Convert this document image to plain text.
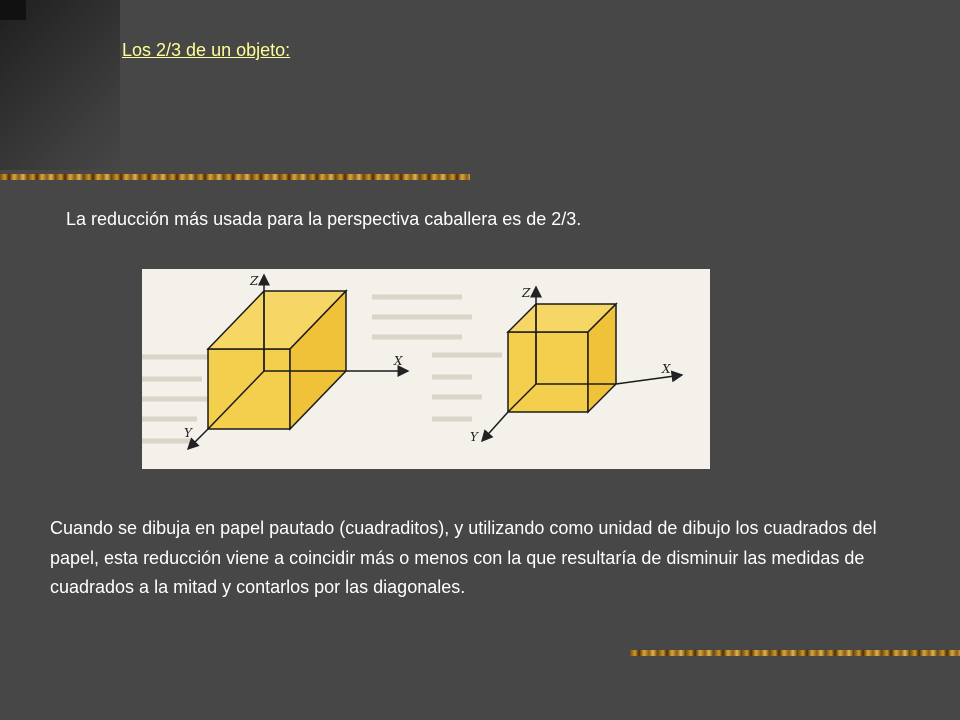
Los 2/3 de un objeto:
La reducción más usada para la perspectiva caballera es de 2/3.
Z
X
Y
Z
X
Y
Cuando se dibuja en papel pautado (cuadraditos), y utilizando como unidad de dibujo los cuadrados del papel, esta reducción viene a coincidir más o menos con la que resultaría de disminuir las medidas de cuadrados a la mitad y contarlos por las diagonales.
